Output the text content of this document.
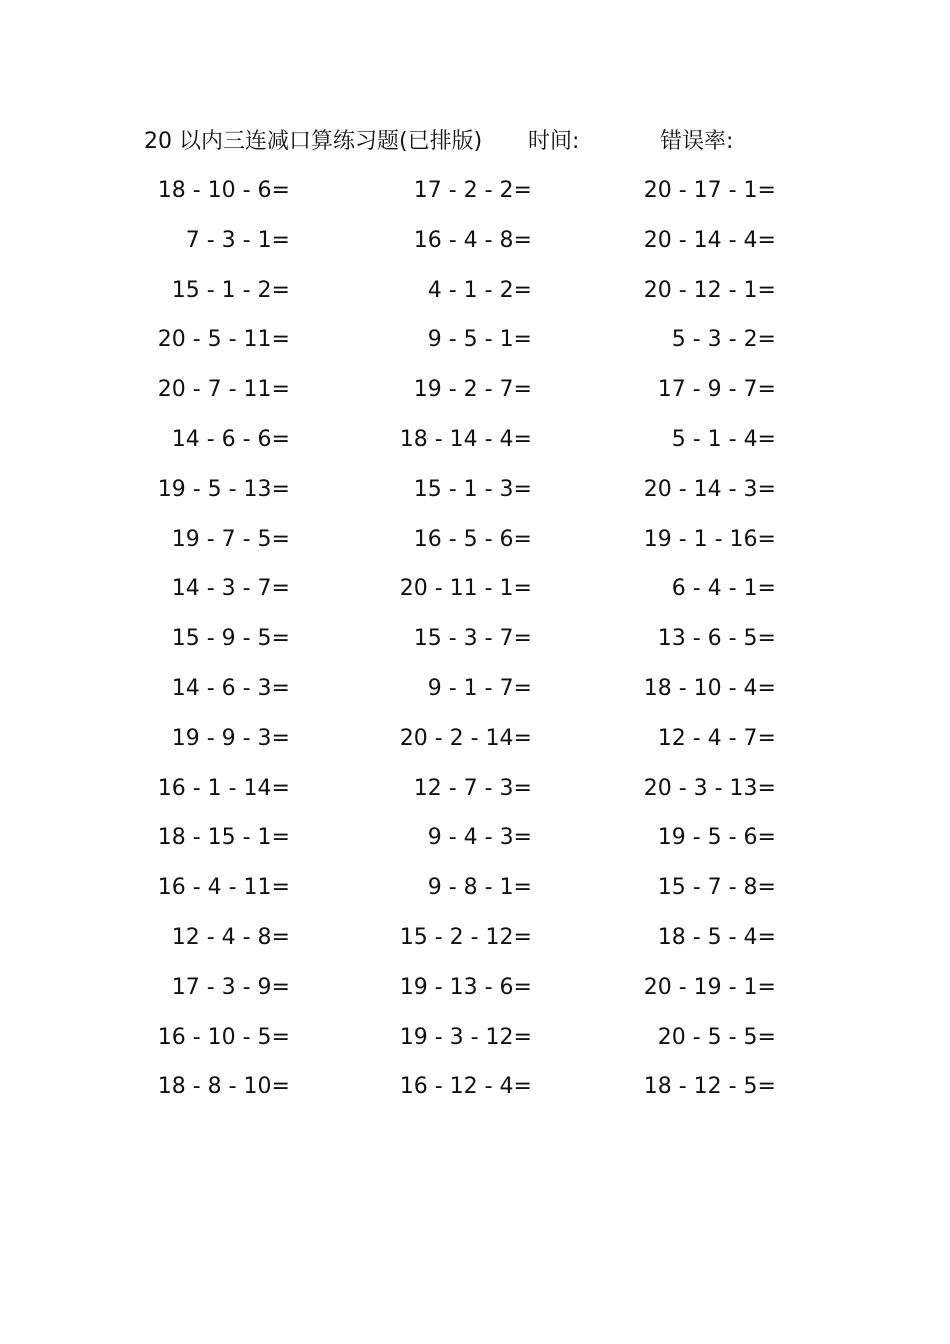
20 以内三连减口算练习题(已排版) 时间:	错误率:
18 - 10 - 6=	17 - 2 - 2=	20 - 17 - 1=
7 - 3 - 1=	16 - 4 - 8=	20 - 14 - 4=
15 - 1 - 2=	4 - 1 - 2=	20 - 12 - 1=
20 - 5 - 11=	9 - 5 - 1=	5 - 3 - 2=
20 - 7 - 11=	19 - 2 - 7=	17 - 9 - 7=
14 - 6 - 6=	18 - 14 - 4=	5 - 1 - 4=
19 - 5 - 13=	15 - 1 - 3=	20 - 14 - 3=
19 - 7 - 5=	16 - 5 - 6=	19 - 1 - 16=
14 - 3 - 7=	20 - 11 - 1=	6 - 4 - 1=
15 - 9 - 5=	15 - 3 - 7=	13 - 6 - 5=
14 - 6 - 3=	9 - 1 - 7=	18 - 10 - 4=
19 - 9 - 3=	20 - 2 - 14=	12 - 4 - 7=
16 - 1 - 14=	12 - 7 - 3=	20 - 3 - 13=
18 - 15 - 1=	9 - 4 - 3=	19 - 5 - 6=
16 - 4 - 11=	9 - 8 - 1=	15 - 7 - 8=
12 - 4 - 8=	15 - 2 - 12=	18 - 5 - 4=
17 - 3 - 9=	19 - 13 - 6=	20 - 19 - 1=
16 - 10 - 5=	19 - 3 - 12=	20 - 5 - 5=
18 - 8 - 10=	16 - 12 - 4=	18 - 12 - 5=
